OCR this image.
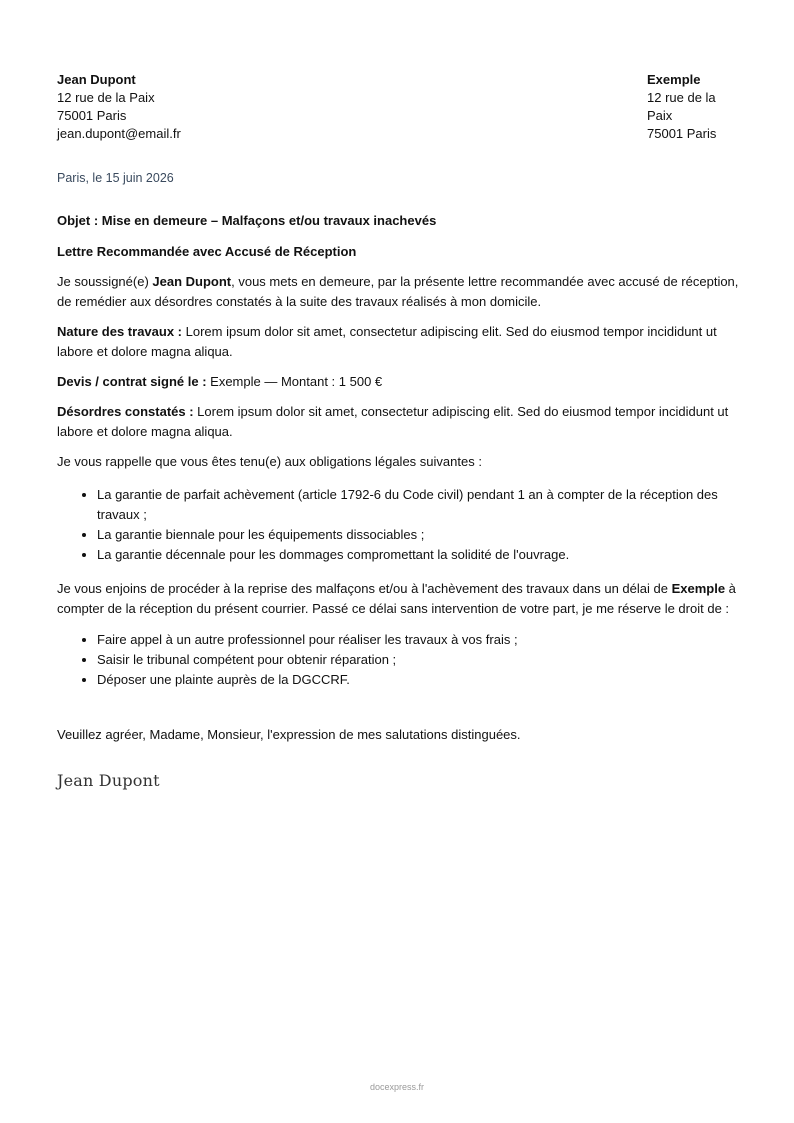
Jean Dupont
12 rue de la Paix
75001 Paris
jean.dupont@email.fr
Exemple
12 rue de la Paix
75001 Paris
Paris, le 15 juin 2026
Objet : Mise en demeure – Malfaçons et/ou travaux inachevés
Lettre Recommandée avec Accusé de Réception

Je soussigné(e) Jean Dupont, vous mets en demeure, par la présente lettre recommandée avec accusé de réception, de remédier aux désordres constatés à la suite des travaux réalisés à mon domicile.

Nature des travaux : Lorem ipsum dolor sit amet, consectetur adipiscing elit. Sed do eiusmod tempor incididunt ut labore et dolore magna aliqua.

Devis / contrat signé le : Exemple — Montant : 1 500 €

Désordres constatés : Lorem ipsum dolor sit amet, consectetur adipiscing elit. Sed do eiusmod tempor incididunt ut labore et dolore magna aliqua.

Je vous rappelle que vous êtes tenu(e) aux obligations légales suivantes :

• La garantie de parfait achèvement (article 1792-6 du Code civil) pendant 1 an à compter de la réception des travaux ;
• La garantie biennale pour les équipements dissociables ;
• La garantie décennale pour les dommages compromettant la solidité de l'ouvrage.

Je vous enjoins de procéder à la reprise des malfaçons et/ou à l'achèvement des travaux dans un délai de Exemple à compter de la réception du présent courrier. Passé ce délai sans intervention de votre part, je me réserve le droit de :

• Faire appel à un autre professionnel pour réaliser les travaux à vos frais ;
• Saisir le tribunal compétent pour obtenir réparation ;
• Déposer une plainte auprès de la DGCCRF.
Veuillez agréer, Madame, Monsieur, l'expression de mes salutations distinguées.
Jean Dupont
docexpress.fr
